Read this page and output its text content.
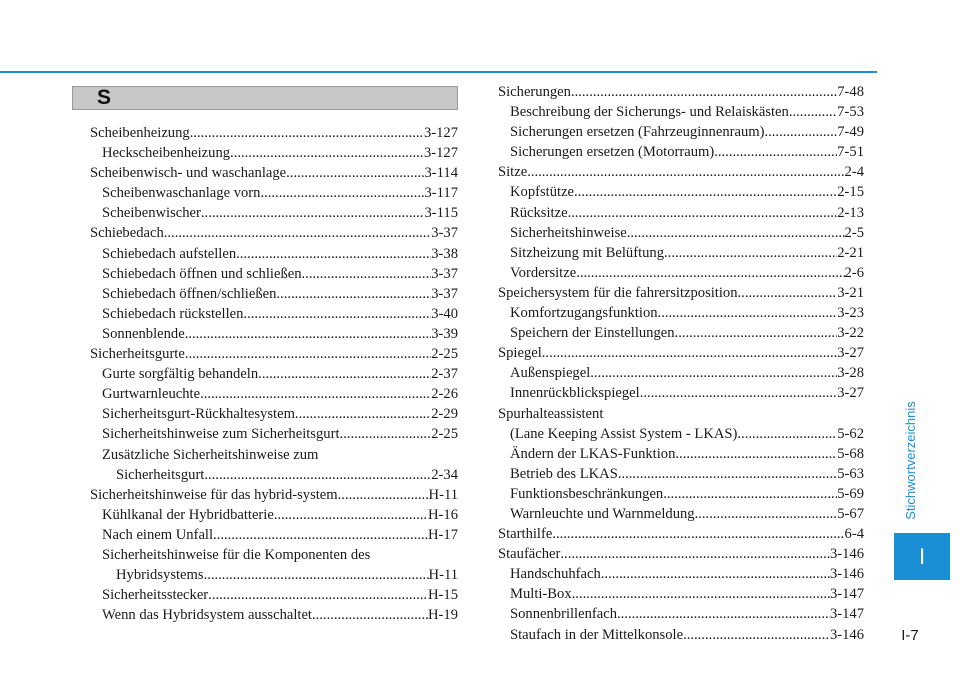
S
Scheibenheizung .....	3-127
Heckscheibenheizung .....	3-127
Scheibenwisch- und waschanlage .....	3-114
Scheibenwaschanlage vorn .....	3-117
Scheibenwischer .....	3-115
Schiebedach .....	3-37
Schiebedach aufstellen .....	3-38
Schiebedach öffnen und schließen .....	3-37
Schiebedach öffnen/schließen .....	3-37
Schiebedach rückstellen .....	3-40
Sonnenblende .....	3-39
Sicherheitsgurte .....	2-25
Gurte sorgfältig behandeln .....	2-37
Gurtwarnleuchte .....	2-26
Sicherheitsgurt-Rückhaltesystem .....	2-29
Sicherheitshinweise zum Sicherheitsgurt .....	2-25
Zusätzliche Sicherheitshinweise zum
Sicherheitsgurt .....	2-34
Sicherheitshinweise für das hybrid-system .....	H-11
Kühlkanal der Hybridbatterie .....	H-16
Nach einem Unfall .....	H-17
Sicherheitshinweise für die Komponenten des
Hybridsystems .....	H-11
Sicherheitsstecker .....	H-15
Wenn das Hybridsystem ausschaltet .....	H-19
Sicherungen .....	7-48
Beschreibung der Sicherungs- und Relaiskästen .....	7-53
Sicherungen ersetzen (Fahrzeuginnenraum) .....	7-49
Sicherungen ersetzen (Motorraum) .....	7-51
Sitze .....	2-4
Kopfstütze .....	2-15
Rücksitze .....	2-13
Sicherheitshinweise .....	2-5
Sitzheizung mit Belüftung .....	2-21
Vordersitze .....	2-6
Speichersystem für die fahrersitzposition .....	3-21
Komfortzugangsfunktion .....	3-23
Speichern der Einstellungen .....	3-22
Spiegel .....	3-27
Außenspiegel .....	3-28
Innenrückblickspiegel .....	3-27
Spurhalteassistent
(Lane Keeping Assist System - LKAS) .....	5-62
Ändern der LKAS-Funktion .....	5-68
Betrieb des LKAS .....	5-63
Funktionsbeschränkungen .....	5-69
Warnleuchte und Warnmeldung .....	5-67
Starthilfe .....	6-4
Staufächer .....	3-146
Handschuhfach .....	3-146
Multi-Box .....	3-147
Sonnenbrillenfach .....	3-147
Staufach in der Mittelkonsole .....	3-146
Stichwortverzeichnis
I
I-7
